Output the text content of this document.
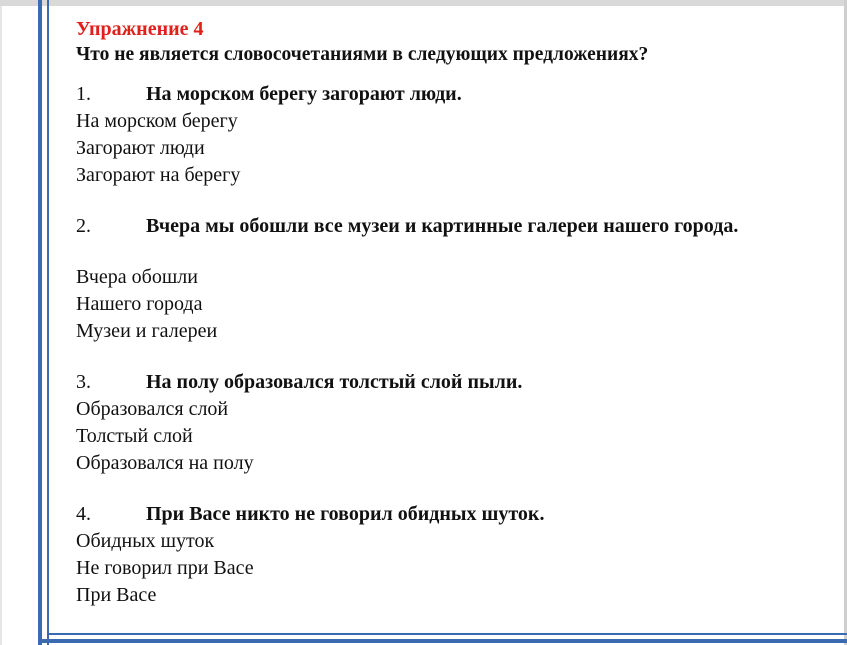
Упражнение 4

Что не является словосочетаниями в следующих предложениях?

1.	На морском берегу загорают люди.

На морском берегу

Загорают люди

Загорают на берегу

2.	Вчера мы обошли все музеи и картинные галереи нашего города.

Вчера обошли

Нашего города

Музеи и галереи

3.	На полу образовался толстый слой пыли.

Образовался слой

Толстый слой

Образовался на полу

4.	При Васе никто не говорил обидных шуток.

Обидных шуток

Не говорил при Васе

При Васе
